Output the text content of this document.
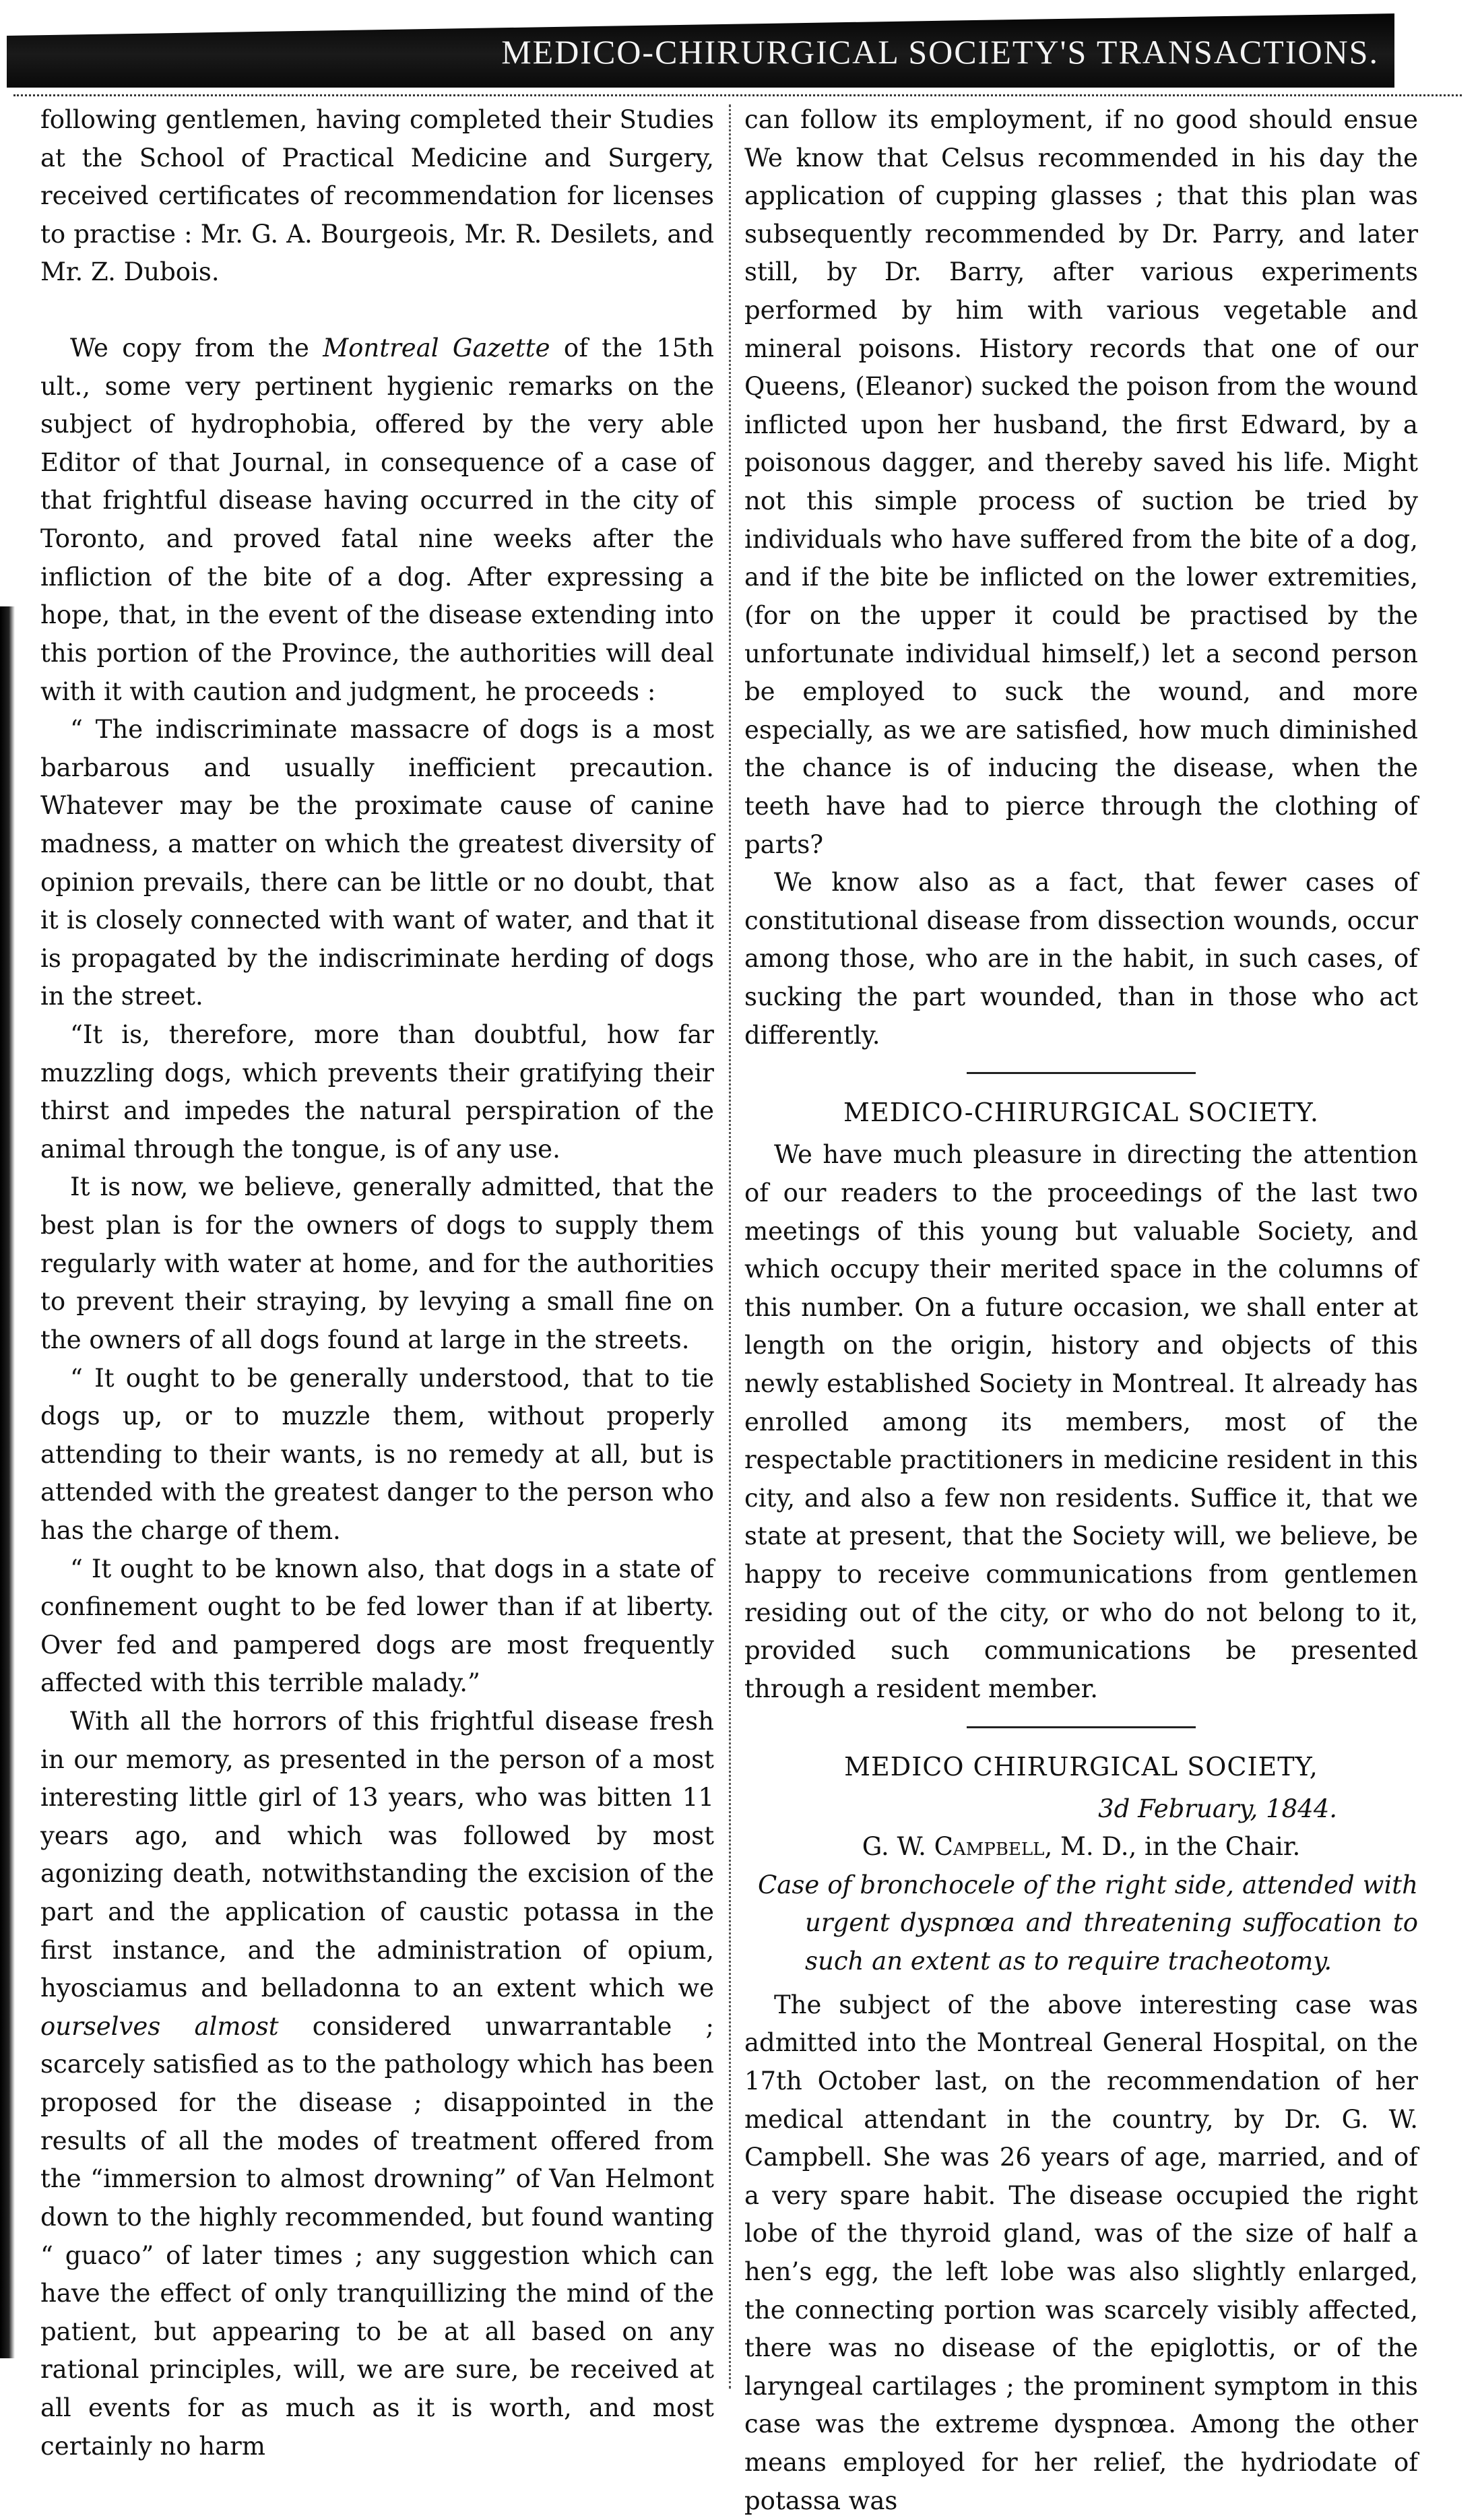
MEDICO-CHIRURGICAL SOCIETY'S TRANSACTIONS.

following gentlemen, having completed their Studies at the School of Practical Medicine and Surgery, received certificates of recommendation for licenses to practise : Mr. G. A. Bourgeois, Mr. R. Desilets, and Mr. Z. Dubois.

We copy from the Montreal Gazette of the 15th ult., some very pertinent hygienic remarks on the subject of hydrophobia, offered by the very able Editor of that Journal, in consequence of a case of that frightful disease having occurred in the city of Toronto, and proved fatal nine weeks after the infliction of the bite of a dog. After expressing a hope, that, in the event of the disease extending into this portion of the Province, the authorities will deal with it with caution and judgment, he proceeds :

“ The indiscriminate massacre of dogs is a most barbarous and usually inefficient precaution. Whatever may be the proximate cause of canine madness, a matter on which the greatest diversity of opinion prevails, there can be little or no doubt, that it is closely connected with want of water, and that it is propagated by the indiscriminate herding of dogs in the street.

“It is, therefore, more than doubtful, how far muzzling dogs, which prevents their gratifying their thirst and impedes the natural perspiration of the animal through the tongue, is of any use.

It is now, we believe, generally admitted, that the best plan is for the owners of dogs to supply them regularly with water at home, and for the authorities to prevent their straying, by levying a small fine on the owners of all dogs found at large in the streets.

“ It ought to be generally understood, that to tie dogs up, or to muzzle them, without properly attending to their wants, is no remedy at all, but is attended with the greatest danger to the person who has the charge of them.

“ It ought to be known also, that dogs in a state of confinement ought to be fed lower than if at liberty. Over fed and pampered dogs are most frequently affected with this terrible malady.”

With all the horrors of this frightful disease fresh in our memory, as presented in the person of a most interesting little girl of 13 years, who was bitten 11 years ago, and which was followed by most agonizing death, notwithstanding the excision of the part and the application of caustic potassa in the first instance, and the administration of opium, hyosciamus and belladonna to an extent which we ourselves almost considered unwarrantable ; scarcely satisfied as to the pathology which has been proposed for the disease ; disappointed in the results of all the modes of treatment offered from the “immersion to almost drowning” of Van Helmont down to the highly recommended, but found wanting “ guaco” of later times ; any suggestion which can have the effect of only tranquillizing the mind of the patient, but appearing to be at all based on any rational principles, will, we are sure, be received at all events for as much as it is worth, and most certainly no harm

can follow its employment, if no good should ensue We know that Celsus recommended in his day the application of cupping glasses ; that this plan was subsequently recommended by Dr. Parry, and later still, by Dr. Barry, after various experiments performed by him with various vegetable and mineral poisons. History records that one of our Queens, (Eleanor) sucked the poison from the wound inflicted upon her husband, the first Edward, by a poisonous dagger, and thereby saved his life. Might not this simple process of suction be tried by individuals who have suffered from the bite of a dog, and if the bite be inflicted on the lower extremities, (for on the upper it could be practised by the unfortunate individual himself,) let a second person be employed to suck the wound, and more especially, as we are satisfied, how much diminished the chance is of inducing the disease, when the teeth have had to pierce through the clothing of parts?

We know also as a fact, that fewer cases of constitutional disease from dissection wounds, occur among those, who are in the habit, in such cases, of sucking the part wounded, than in those who act differently.

MEDICO-CHIRURGICAL SOCIETY.

We have much pleasure in directing the attention of our readers to the proceedings of the last two meetings of this young but valuable Society, and which occupy their merited space in the columns of this number. On a future occasion, we shall enter at length on the origin, history and objects of this newly established Society in Montreal. It already has enrolled among its members, most of the respectable practitioners in medicine resident in this city, and also a few non residents. Suffice it, that we state at present, that the Society will, we believe, be happy to receive communications from gentlemen residing out of the city, or who do not belong to it, provided such communications be presented through a resident member.

MEDICO CHIRURGICAL SOCIETY,

3d February, 1844.

G. W. Campbell, M. D., in the Chair.

Case of bronchocele of the right side, attended with urgent dyspnœa and threatening suffocation to such an extent as to require tracheotomy.

The subject of the above interesting case was admitted into the Montreal General Hospital, on the 17th October last, on the recommendation of her medical attendant in the country, by Dr. G. W. Campbell. She was 26 years of age, married, and of a very spare habit. The disease occupied the right lobe of the thyroid gland, was of the size of half a hen’s egg, the left lobe was also slightly enlarged, the connecting portion was scarcely visibly affected, there was no disease of the epiglottis, or of the laryngeal cartilages ; the prominent symptom in this case was the extreme dyspnœa. Among the other means employed for her relief, the hydriodate of potassa was
